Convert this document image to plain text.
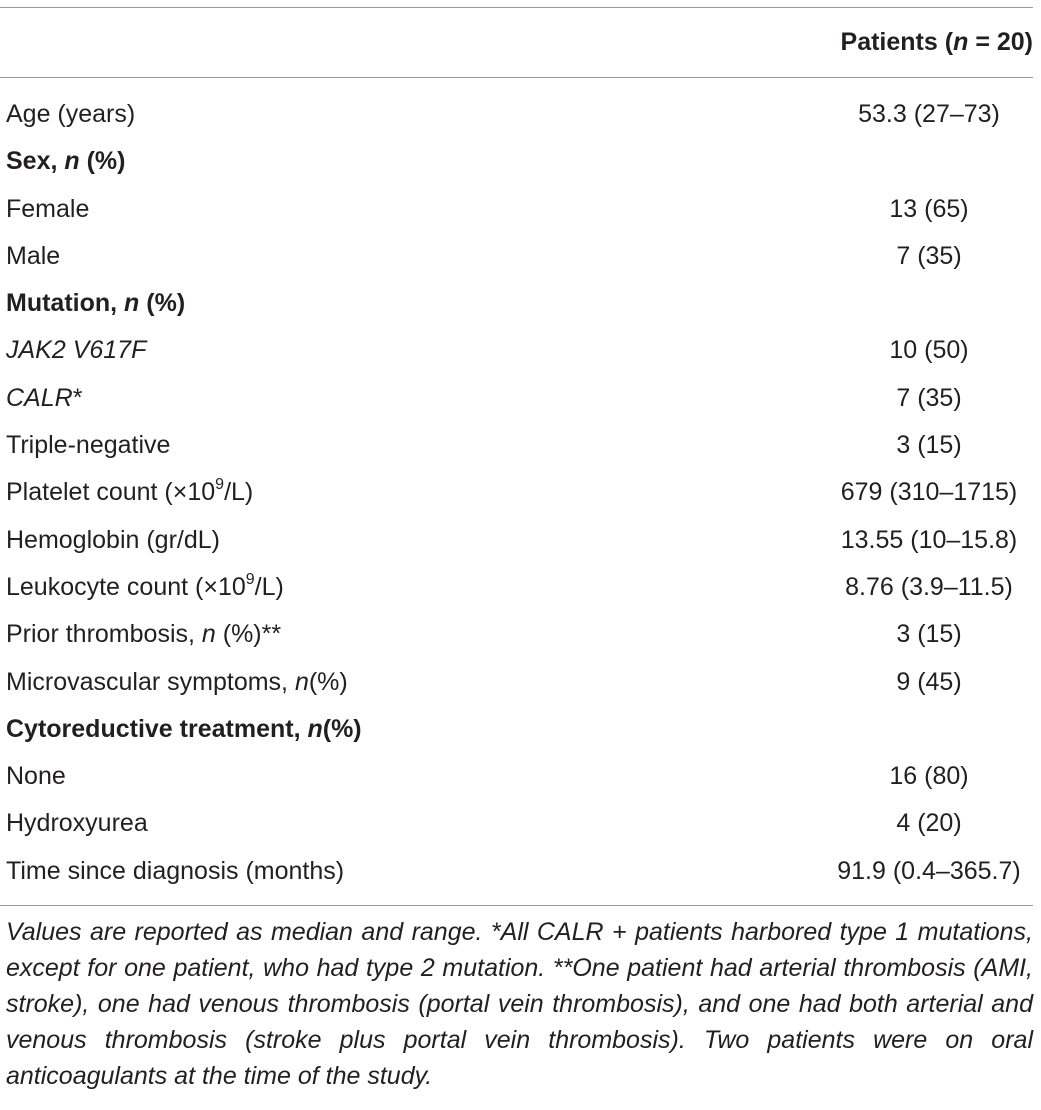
Patients (n = 20)
Age (years)	53.3 (27–73)
Sex, n (%)
Female	13 (65)
Male	7 (35)
Mutation, n (%)
JAK2 V617F	10 (50)
CALR*	7 (35)
Triple-negative	3 (15)
Platelet count $(\times 10^9/L)$	679 (310–1715)
Hemoglobin (gr/dL)	13.55 (10–15.8)
Leukocyte count $(\times 10^9/L)$	8.76 (3.9–11.5)
Prior thrombosis, n (%)**	3 (15)
Microvascular symptoms, n(%)	9 (45)
Cytoreductive treatment, n(%)
None	16 (80)
Hydroxyurea	4 (20)
Time since diagnosis (months)	91.9 (0.4–365.7)
Values are reported as median and range. *All CALR + patients harbored type 1 mutations, except for one patient, who had type 2 mutation. **One patient had arterial thrombosis (AMI, stroke), one had venous thrombosis (portal vein thrombosis), and one had both arterial and venous thrombosis (stroke plus portal vein thrombosis). Two patients were on oral anticoagulants at the time of the study.
